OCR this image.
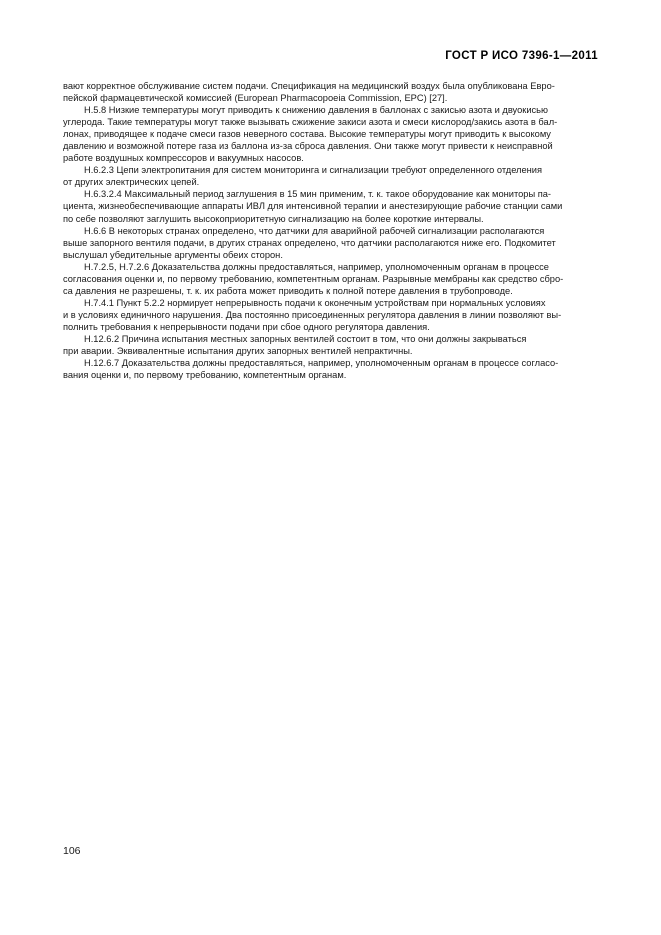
ГОСТ Р ИСО 7396-1—2011

вают корректное обслуживание систем подачи. Спецификация на медицинский воздух была опубликована Евро-
пейской фармацевтической комиссией (European Pharmacopoeia Commission, EPC) [27].

Н.5.8 Низкие температуры могут приводить к снижению давления в баллонах с закисью азота и двуокисью
углерода. Такие температуры могут также вызывать сжижение закиси азота и смеси кислород/закись азота в бал-
лонах, приводящее к подаче смеси газов неверного состава. Высокие температуры могут приводить к высокому
давлению и возможной потере газа из баллона из-за сброса давления. Они также могут привести к неисправной
работе воздушных компрессоров и вакуумных насосов.

Н.6.2.3 Цепи электропитания для систем мониторинга и сигнализации требуют определенного отделения
от других электрических цепей.

Н.6.3.2.4 Максимальный период заглушения в 15 мин применим, т. к. такое оборудование как мониторы па-
циента, жизнеобеспечивающие аппараты ИВЛ для интенсивной терапии и анестезирующие рабочие станции сами
по себе позволяют заглушить высокоприоритетную сигнализацию на более короткие интервалы.

Н.6.6 В некоторых странах определено, что датчики для аварийной рабочей сигнализации располагаются
выше запорного вентиля подачи, в других странах определено, что датчики располагаются ниже его. Подкомитет
выслушал убедительные аргументы обеих сторон.

Н.7.2.5, Н.7.2.6 Доказательства должны предоставляться, например, уполномоченным органам в процессе
согласования оценки и, по первому требованию, компетентным органам. Разрывные мембраны как средство сбро-
са давления не разрешены, т. к. их работа может приводить к полной потере давления в трубопроводе.

Н.7.4.1 Пункт 5.2.2 нормирует непрерывность подачи к оконечным устройствам при нормальных условиях
и в условиях единичного нарушения. Два постоянно присоединенных регулятора давления в линии позволяют вы-
полнить требования к непрерывности подачи при сбое одного регулятора давления.

Н.12.6.2 Причина испытания местных запорных вентилей состоит в том, что они должны закрываться
при аварии. Эквивалентные испытания других запорных вентилей непрактичны.

Н.12.6.7 Доказательства должны предоставляться, например, уполномоченным органам в процессе согласо-
вания оценки и, по первому требованию, компетентным органам.

106
